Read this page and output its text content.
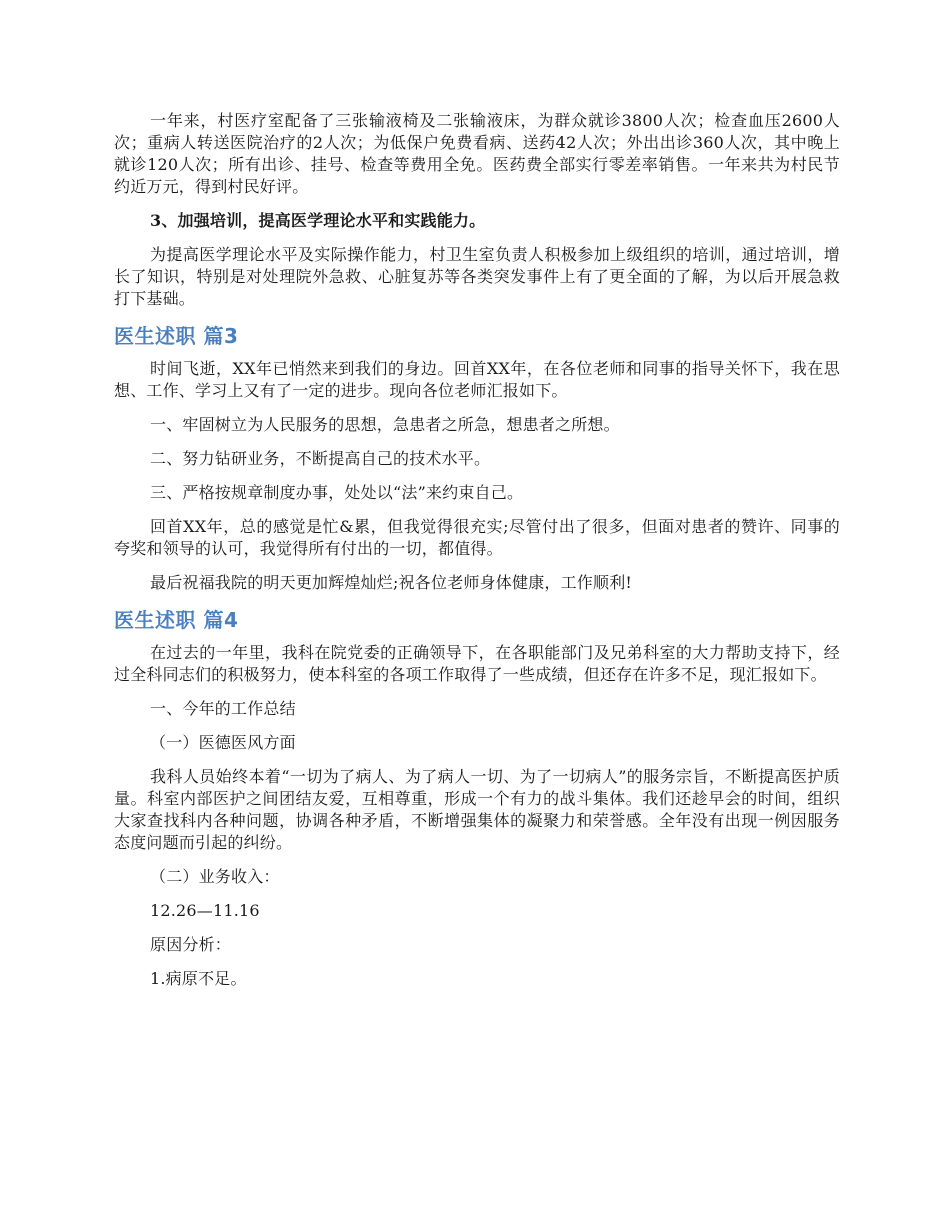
一年来，村医疗室配备了三张输液椅及二张输液床，为群众就诊3800人次；检查血压2600人次；重病人转送医院治疗的2人次；为低保户免费看病、送药42人次；外出出诊360人次，其中晚上就诊120人次；所有出诊、挂号、检查等费用全免。医药费全部实行零差率销售。一年来共为村民节约近万元，得到村民好评。

3、加强培训，提高医学理论水平和实践能力。

为提高医学理论水平及实际操作能力，村卫生室负责人积极参加上级组织的培训，通过培训，增长了知识，特别是对处理院外急救、心脏复苏等各类突发事件上有了更全面的了解，为以后开展急救打下基础。

医生述职 篇3

时间飞逝，XX年已悄然来到我们的身边。回首XX年，在各位老师和同事的指导关怀下，我在思想、工作、学习上又有了一定的进步。现向各位老师汇报如下。

一、牢固树立为人民服务的思想，急患者之所急，想患者之所想。

二、努力钻研业务，不断提高自己的技术水平。

三、严格按规章制度办事，处处以“法”来约束自己。

回首XX年，总的感觉是忙&累，但我觉得很充实;尽管付出了很多，但面对患者的赞许、同事的夸奖和领导的认可，我觉得所有付出的一切，都值得。

最后祝福我院的明天更加辉煌灿烂;祝各位老师身体健康，工作顺利!

医生述职 篇4

在过去的一年里，我科在院党委的正确领导下，在各职能部门及兄弟科室的大力帮助支持下，经过全科同志们的积极努力，使本科室的各项工作取得了一些成绩，但还存在许多不足，现汇报如下。

一、今年的工作总结

（一）医德医风方面

我科人员始终本着“一切为了病人、为了病人一切、为了一切病人”的服务宗旨，不断提高医护质量。科室内部医护之间团结友爱，互相尊重，形成一个有力的战斗集体。我们还趁早会的时间，组织大家查找科内各种问题，协调各种矛盾，不断增强集体的凝聚力和荣誉感。全年没有出现一例因服务态度问题而引起的纠纷。

（二）业务收入：

12.26—11.16

原因分析：

1.病原不足。
